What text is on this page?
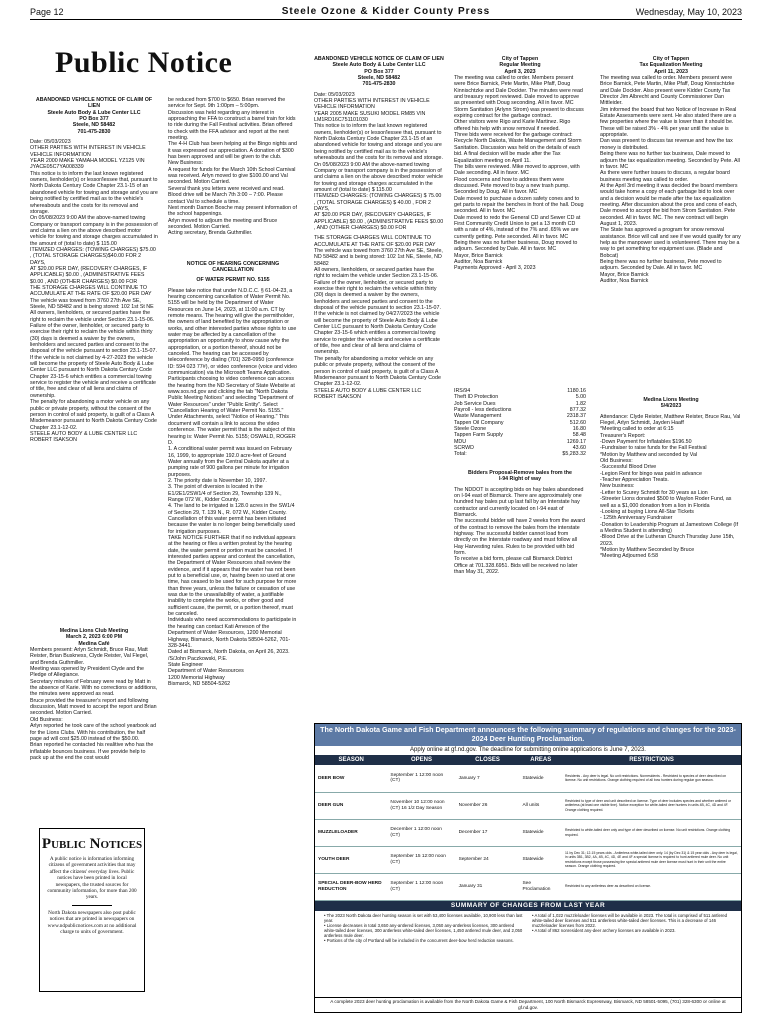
Page 12	Steele Ozone & Kidder County Press	Wednesday, May 10, 2023
Public Notice

ABANDONED VEHICLE NOTICE OF CLAIM OF LIEN

Steele Auto Body & Lube Center LLC

PO Box 377

Steele, ND 58482

701-475-2830

Date: 05/03/2023

OTHER PARTIES WITH INTEREST IN VEHICLE

VEHICLE INFORMATION

YEAR 2000 MAKE YAMAHA MODEL YZ125 VIN JYACE05C7YA008339

This notice is to inform the last known registered owners, lienholder(s) or lessor/lessee that, pursuant to North Dakota Century Code Chapter 23.1-15 of an abandoned vehicle for towing and storage and you are being notified by certified mail as to the vehicle's whereabouts and the costs for its removal and storage.

On 05/08/2023 9:00 AM the above-named towing Company or transport company is in the possession of and claims a lien on the above described motor vehicle for towing and storage charges accumulated in the amount of (total to date) $ 115.00

ITEMIZED CHARGES: (TOWING CHARGES) $75.00 , (TOTAL STORAGE CHARGES)$40.00 FOR 2 DAYS,

AT $20.00 PER DAY, (RECOVERY CHARGES, IF APPLICABLE) $0.00 , (ADMINISTRATIVE FEES $0.00 , AND (OTHER CHARGES) $0.00 FOR

THE STORAGE CHARGES WILL CONTINUE TO ACCUMULATE AT THE RATE OF $20.00 PER DAY

The vehicle was towed from 3760 27th Ave SE, Steele, ND 58482 and is being stored: 102 1st St NE

All owners, lienholders, or secured parties have the right to reclaim the vehicle under Section 23.1-15-06. Failure of the owner, lienholder, or secured party to exercise their right to reclaim the vehicle within thirty (30) days is deemed a waiver by the owners, lienholders and secured parties and consent to the disposal of the vehicle pursuant to section 23.1-15-07.

If the vehicle is not claimed by 4-27-2023 the vehicle will become the property of Steele Auto Body & Lube Center LLC pursuant to North Dakota Century Code Chapter 23-15-6 which entitles a commercial towing service to register the vehicle and receive a certificate of title, free and clear of all liens and claims of ownership.

The penalty for abandoning a motor vehicle on any public or private property, without the consent of the person in control of said property, is guilt of a Class A Misdemeanor pursuant to North Dakota Century Code Chapter 23.1-12-02.

STEELE AUTO BODY & LUBE CENTER LLC

ROBERT ISAKSON

Medina Lions Club Meeting

March 2, 2023 6:00 PM

Medina Café

Members present: Arlyn Schmidt, Bruce Rau, Matt Reister, Brian Buskness, Clyde Reister, Val Flegel, and Brenda Guthmiller.

Meeting was opened by President Clyde and the Pledge of Allegiance.

Secretary minutes of February were read by Matt in the absence of Karie. With no corrections or additions, the minutes were approved as read.

Bruce provided the treasurer's report and following discussion, Matt moved to accept the report and Brian seconded. Motion Carried.

Old Business:

Arlyn reported he took care of the school yearbook ad for the Lions Clubs. With his contribution, the half page ad will cost $25.00 instead of the $50.00.

Brian reported he contacted his realitive who has the inflatable bounces business. If we provide help to pack up at the end the cost would

be reduced from $700 to $650. Brian reserved the service for Sept. 9th 1:00pm – 5:00pm.

Discussion was held regarding any interest in approaching the FFA to construct a barrel train for kids to ride during the Fall Festival activities. Brian offered to check with the FFA advisor and report at the next meeting.

The 4-H Club has been helping at the Bingo nights and it was expressed our appreciation. A donation of $300 has been approved and will be given to the club.

New Business:

A request for funds for the March 10th School Carnival was received. Arlyn moved to give $100.00 and Val seconded. Motion Carried.

Several thank you letters were received and read.

Blood drive will be March 7th 3:00 – 7:00. Please contact Val to schedule a time.

Next month Damon Bosche may present information of the school happenings.

Arlyn moved to adjourn the meeting and Bruce seconded. Motion Carried.

Acting secretary, Brenda Guthmiller.

NOTICE OF HEARING CONCERNING CANCELLATION

OF WATER PERMIT NO. 5155

Please take notice that under N.D.C.C. § 61-04-23, a hearing concerning cancellation of Water Permit No. 5155 will be held by the Department of Water Resources on June 14, 2023, at 11:00 a.m. CT by remote means. The hearing will give the permitholder, the owners of land benefited by the appropriation or works, and other interested parties whose rights to use water may be affected by a cancellation of the appropriation an opportunity to show cause why the appropriation, or a portion thereof, should not be canceled. The hearing can be accessed by teleconference by dialing (701) 328-0950 (conference ID: 594 023 77#), or video conference (voice and video communication) via the Microsoft Teams Application. Participants choosing to video conference can access the hearing from the ND Secretary of State Website at www.sos.nd.gov and clicking the tab "North Dakota Public Meeting Notices" and selecting "Department of Water Resources" under "Public Entity". Select "Cancellation Hearing of Water Permit No. 5155." Under Attachments, select "Notice of Hearing." This document will contain a link to access the video conference. The water permit that is the subject of this hearing is: Water Permit No. 5155; OSWALD, ROGER D.

1. A conditional water permit was issued on February 16, 1999, to appropriate 192.0 acre-feet of Ground Water annually from the Central Dakota aquifer at a pumping rate of 900 gallons per minute for irrigation purposes.

2. The priority date is November 10, 1997.

3. The point of diversion is located in the E1/2E1/2SW1/4 of Section 29, Township 139 N., Range 072 W., Kidder County.

4. The land to be irrigated is 128.0 acres in the SW1/4 of Section 29, T. 139 N., R. 072 W., Kidder County.

Cancellation of this water permit has been initiated because the water is no longer being beneficially used for irrigation purposes.

TAKE NOTICE FURTHER that if no individual appears at the hearing or files a written protest by the hearing date, the water permit or portion must be canceled. If interested parties appear and contest the cancellation, the Department of Water Resources shall review the evidence, and if it appears that the water has not been put to a beneficial use, or, having been so used at one time, has ceased to be used for such purpose for more than three years, unless the failure or cessation of use was due to the unavailability of water, a justifiable inability to complete the works, or other good and sufficient cause, the permit, or a portion thereof, must be canceled.

Individuals who need accommodations to participate in the hearing can contact Kati Arneson of the Department of Water Resources, 1200 Memorial Highway, Bismarck, North Dakota 58504-5262, 701-328-3441.

Dated at Bismarck, North Dakota, on April 26, 2023.

/S/John Paczkowski, P.E.

State Engineer

Department of Water Resources

1200 Memorial Highway

Bismarck, ND 58504-5262

ABANDONED VEHICLE NOTICE OF CLAIM OF LIEN

Steele Auto Body & Lube Center LLC

PO Box 377

Steele, ND 58482

701-475-2830

Date: 05/03/2023

OTHER PARTIES WITH INTEREST IN VEHICLE

VEHICLE INFORMATION

YEAR 2005 MAKE SUSUKI MODEL RM85 VIN LM1RD16C751101030

This notice is to inform the last known registered owners, lienholder(s) or lessor/lessee that, pursuant to North Dakota Century Code Chapter 23.1-15 of an abandoned vehicle for towing and storage and you are being notified by certified mail as to the vehicle's whereabouts and the costs for its removal and storage.

On 05/08/2023 9:00 AM the above-named towing Company or transport company is in the possession of and claims a lien on the above described motor vehicle for towing and storage charges accumulated in the amount of (total to date) $ 115.00

ITEMIZED CHARGES: (TOWING CHARGES) $ 75.00 , (TOTAL STORAGE CHARGES) $ 40.00 , FOR 2 DAYS,

AT $20.00 PER DAY, (RECOVERY CHARGES, IF APPLICABLE) $0.00 , (ADMINISTRATIVE FEES $0.00 , AND (OTHER CHARGES) $0.00 FOR

THE STORAGE CHARGES WILL CONTINUE TO ACCUMULATE AT THE RATE OF $20.00 PER DAY

The vehicle was towed from 3760 27th Ave SE, Steele, ND 58482 and is being stored: 102 1st NE, Steele, ND 58482

All owners, lienholders, or secured parties have the right to reclaim the vehicle under Section 23.1-15-06. Failure of the owner, lienholder, or secured party to exercise their right to reclaim the vehicle within thirty (30) days is deemed a waiver by the owners, lienholders and secured parties and consent to the disposal of the vehicle pursuant to section 23.1-15-07.

If the vehicle is not claimed by 04/27/2023 the vehicle will become the property of Steele Auto Body & Lube Center LLC pursuant to North Dakota Century Code Chapter 23-15-6 which entitles a commercial towing service to register the vehicle and receive a certificate of title, free and clear of all liens and claims of ownership.

The penalty for abandoning a motor vehicle on any public or private property, without the consent of the person in control of said property, is guilt of a Class A Misdemeanor pursuant to North Dakota Century Code Chapter 23.1-12-02.

STEELE AUTO BODY & LUBE CENTER LLC

ROBERT ISAKSON

City of Tappen

Regular Meeting

April 3, 2023

The meeting was called to order. Members present were Brice Barnick, Pete Martin, Mike Pfaff, Doug Kinnischtzke and Dale Dockter. The minutes were read and treasury report reviewed. Dale moved to approve as presented with Doug seconding. All in favor. MC

Storm Sanitation (Arlynn Strom) was present to discuss expiring contract for the garbage contract.

Other visitors were Rigo and Karie Martinez. Rigo offered his help with snow removal if needed.

Three bids were received for the garbage contract: Recycle North Dakota, Waste Management and Storm Sanitation. Discussion was held on the details of each bid. A final decision will be made after the Tax Equalization meeting on April 11.

The bills were reviewed. Mike moved to approve, with Dale seconding. All in favor. MC

Flood concerns and how to address them were discussed. Pete moved to buy a new trash pump. Seconded by Doug. All in favor. MC

Dale moved to purchase a dozen safety cones and to get parts to repair the benches in front of the hall. Doug seconded. All in favor. MC

Dale moved to redo the General CD and Sewer CD at First Community Credit Union to get a 13 month CD with a rate of 4%, instead of the 7% and .65% we are currently getting. Pete seconded. All in favor. MC

Being there was no further business, Doug moved to adjourn. Seconded by Dale. All in favor. MC

Mayor, Brice Barnick

Auditor, Noa Barnick

Payments Approved - April 3, 2023

IRS/94	1180.16
Theft ID Protection	5.00
Job Service Dues	1.82
Payroll - less deductions	877.32
Waste Management	2318.37
Tappen Oil Company	512.60
Steele Ozone	16.80
Tappen Farm Supply	58.48
MDU	1269.17
SCRWD	43.60
Total:	$5,283.32

Bidders Proposal-Remove bales from the

I-94 Right of way

The NDDOT is accepting bids on hay bales abandoned on I-94 east of Bismarck. There are approximately one hundred hay bales put up last fall by an Interstate hay contractor and currently located on I-94 east of Bismarck.

The successful bidder will have 2 weeks from the award of the contract to remove the bales from the interstate highway. The successful bidder cannot load from directly on the Interstate roadway and must follow all Hay Harvesting rules. Rules to be provided with bid form.

To receive a bid form, please call Bismarck District Office at 701.328.6951. Bids will be received no later than May 31, 2022.

City of Tappen

Tax Equalization Meeting

April 11, 2023

The meeting was called to order. Members present were Brice Barnick, Pete Martin, Mike Pfaff, Doug Kinnischtzke and Dale Dockter. Also present were Kidder County Tax Director Jim Albrecht and County Commissioner Dan Mittleider.

Jim informed the board that two Notice of Increase in Real Estate Assessments were sent. He also stated there are a few properties where the value is lower than it should be. These will be raised 3% - 4% per year until the value is appropriate.

Dan was present to discuss tax revenue and how the tax money is distributed.

Being there was no further tax business, Dale moved to adjourn the tax equalization meeting. Seconded by Pete. All in favor. MC

As there were further issues to discuss, a regular board business meeting was called to order.

At the April 3rd meeting it was decided the board members would take home a copy of each garbage bid to look over and a decision would be made after the tax equalization meeting. After discussion about the pros and cons of each, Dale moved to accept the bid from Strom Sanitation. Pete seconded. All in favor. MC. The new contract will begin August 1, 2023.

The State has approved a program for snow removal assistance. Brice will call and see if we would qualify for any help as the manpower used is volunteered. There may be a way to get something for equipment use. (Blade and Bobcat)

Being there was no further business, Pete moved to adjourn. Seconded by Dale. All in favor. MC

Mayor, Brice Barnick

Auditor, Noa Barnick

Medina Lions Meeting

5/4/2023

Attendance: Clyde Reister, Matthew Reister, Bruce Rau, Val Flegel, Arlyn Schmidt, Jayden Haaff

*Meeting called to order at 6:15

Treasurer's Report:

-Down Payment for Inflatables $196.50

-Fundraiser to raise funds for the Fall Festival

*Motion by Matthew and seconded by Val

Old Business:

-Successful Blood Drive

-Legion Rent for bingo was paid in advance

-Teacher Appreciation Treats.

New business:

-Letter to Scurey Schmidt for 30 years as Lion

-Streeter Lions donated $500 to Waylon Roder Fund, as well as a $1,000 donation from a lion in Florida

-Looking at buying Lions All-Star Tickets

- 125th Anniversary Fundraiser

-Donation to Leadership Program at Jamestown College (If a Medina Student is attending)

-Blood Drive at the Lutheran Church Thursday June 15th, 2023.

*Motion by Matthew Seconded by Bruce

*Meeting Adjourned 6:58

Public Notices
A public notice is information informing citizens of government activities that may affect the citizens' everyday lives. Public notices have been printed in local newspapers, the trusted sources for community information, for more than 200 years.
North Dakota newspapers also post public notices that are printed in newspapers on www.ndpublicnotices.com at no additional charge to units of government.
The North Dakota Game and Fish Department announces the following summary of regulations and changes for the 2023-2024 Deer Hunting Proclamation.
Apply online at gf.nd.gov. The deadline for submitting online applications is June 7, 2023.
SEASON	OPENS	CLOSES	AREAS	RESTRICTIONS
DEER BOW	September 1 12:00 noon (CT)	January 7	Statewide	Residents - Any deer is legal. No unit restrictions. Nonresidents - Restricted to species of deer described on license. No unit restrictions. Orange clothing required of all bow hunters during regular gun season.
DEER GUN	November 10 12:00 noon (CT) 16 1/2 Day Season	November 26	All units	Restricted to type of deer and unit described on license. Type of deer includes species and whether antlered or antlerless (at least one visible tine). Notice exception for white-tailed deer hunters in units 4B, 4C, 4D and 4F. Orange clothing required.
MUZZLELOADER	December 1 12:00 noon (CT)	December 17	Statewide	Restricted to white-tailed deer only and type of deer described on license. No unit restrictions. Orange clothing required.
YOUTH DEER	September 15 12:00 noon (CT)	September 24	Statewide	11 by Dec 31; 12-15 years olds - Antlerless white-tailed deer only. 14 (by Dec 31) & 15 year olds - Any deer is legal, in units 3B1, 3B2, 4A, 4B, 4C, 4D, 4E and 4F a special license is required to hunt antlered mule deer. No unit restrictions except those possessing the special antlered mule deer license must hunt in their unit the entire season. Orange clothing required.
SPECIAL DEER-BOW HERD REDUCTION	September 1 12:00 noon (CT)	January 31	See Proclamation	Restricted to any antlerless deer as described on license.
SUMMARY OF CHANGES FROM LAST YEAR

• The 2023 North Dakota deer hunting season is set with 53,400 licenses available, 10,900 less than last year.

• License decreases in total 3,650 any-antlered licenses, 3,050 any-antlerless licenses, 300 antlered white-tailed deer licenses, 300 antlerless white-tailed deer licenses, 1,450 antlered mule deer, and 2,050 antlerless mule deer.

• Portions of the city of Portland will be included in the concurrent deer-bow herd reduction seasons.

• A total of 1,022 muzzleloader licenses will be available in 2023. The total is comprised of 511 antlered white-tailed deer licenses and 511 antlerless white-tailed deer licenses. This is a decrease of 146 muzzleloader licenses from 2022.

• A total of 862 nonresident any-deer archery licenses are available in 2023.

A complete 2023 deer hunting proclamation is available from the North Dakota Game & Fish Department, 100 North Bismarck Expressway, Bismarck, ND 58501-5095, (701) 328-6300 or online at gf.nd.gov.
